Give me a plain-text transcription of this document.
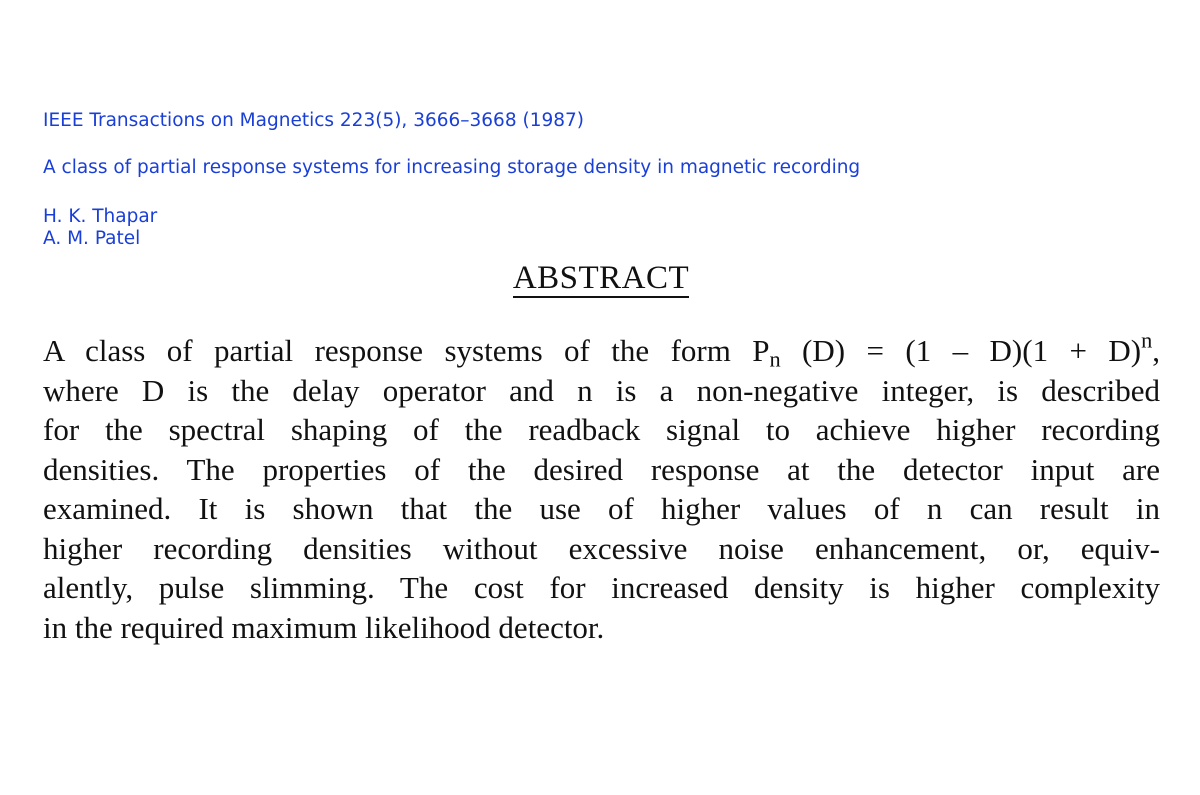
IEEE Transactions on Magnetics 223(5), 3666–3668 (1987)
A class of partial response systems for increasing storage density in magnetic recording
H. K. Thapar
A. M. Patel
ABSTRACT
A class of partial response systems of the form $P_n$ $(D) = (1 - D)(1 + D)^n$,
where D is the delay operator and n is a non-negative integer, is described
for the spectral shaping of the readback signal to achieve higher recording
densities. The properties of the desired response at the detector input are
examined. It is shown that the use of higher values of n can result in
higher recording densities without excessive noise enhancement, or, equiv-
alently, pulse slimming. The cost for increased density is higher complexity
in the required maximum likelihood detector.
